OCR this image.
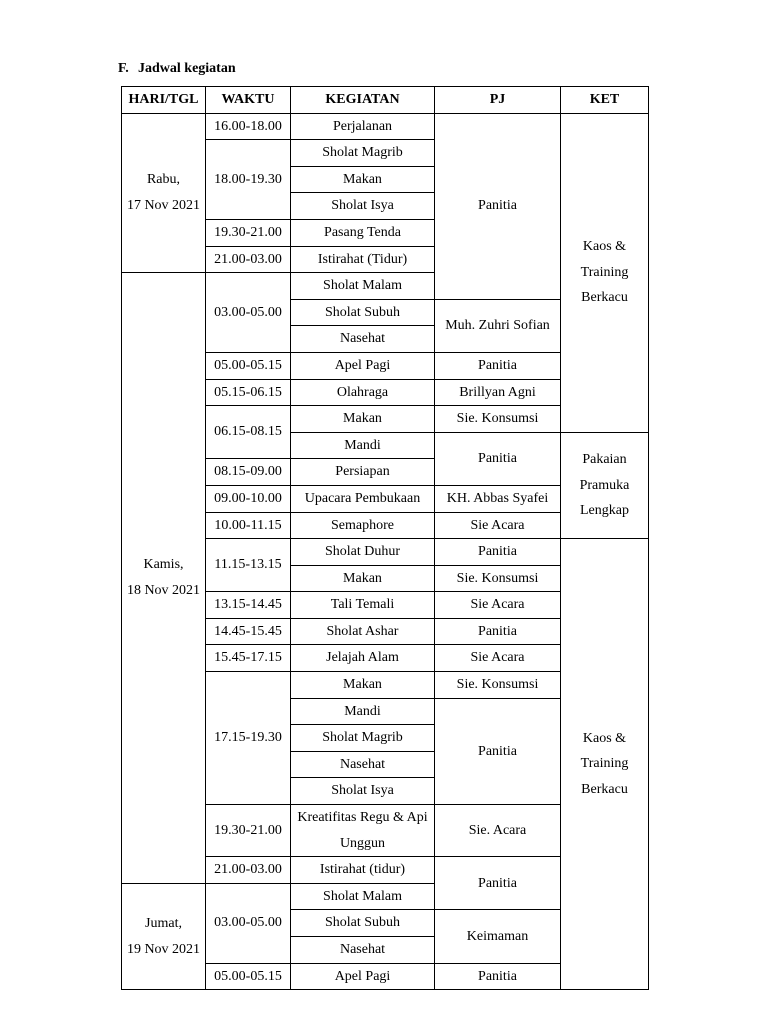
F. Jadwal kegiatan
HARI/TGL	WAKTU	KEGIATAN	PJ	KET

Rabu,
17 Nov 2021	16.00-18.00	Perjalanan	Panitia	Kaos &
Training
Berkacu

	18.00-19.30	Sholat Magrib		
		Makan		
		Sholat Isya		
	19.30-21.00	Pasang Tenda		
	21.00-03.00	Istirahat (Tidur)		

Kamis,
18 Nov 2021	03.00-05.00	Sholat Malam		
		Sholat Subuh	Muh. Zuhri Sofian	
		Nasehat		
	05.00-05.15	Apel Pagi	Panitia	
	05.15-06.15	Olahraga	Brillyan Agni	
	06.15-08.15	Makan	Sie. Konsumsi	
		Mandi	Panitia	Pakaian
Pramuka
Lengkap

	08.15-09.00	Persiapan		
	09.00-10.00	Upacara Pembukaan	KH. Abbas Syafei	
	10.00-11.15	Semaphore	Sie Acara	
	11.15-13.15	Sholat Duhur	Panitia	Kaos &
Training
Berkacu

		Makan	Sie. Konsumsi	
	13.15-14.45	Tali Temali	Sie Acara	
	14.45-15.45	Sholat Ashar	Panitia	
	15.45-17.15	Jelajah Alam	Sie Acara	
	17.15-19.30	Makan	Sie. Konsumsi	
		Mandi	Panitia	
		Sholat Magrib		
		Nasehat		
		Sholat Isya		
	19.30-21.00	Kreatifitas Regu & Api Unggun	Sie. Acara	

	21.00-03.00	Istirahat (tidur)	Panitia	

Jumat,
19 Nov 2021	03.00-05.00	Sholat Malam		
		Sholat Subuh	Keimaman	
		Nasehat		
	05.00-05.15	Apel Pagi	Panitia	
